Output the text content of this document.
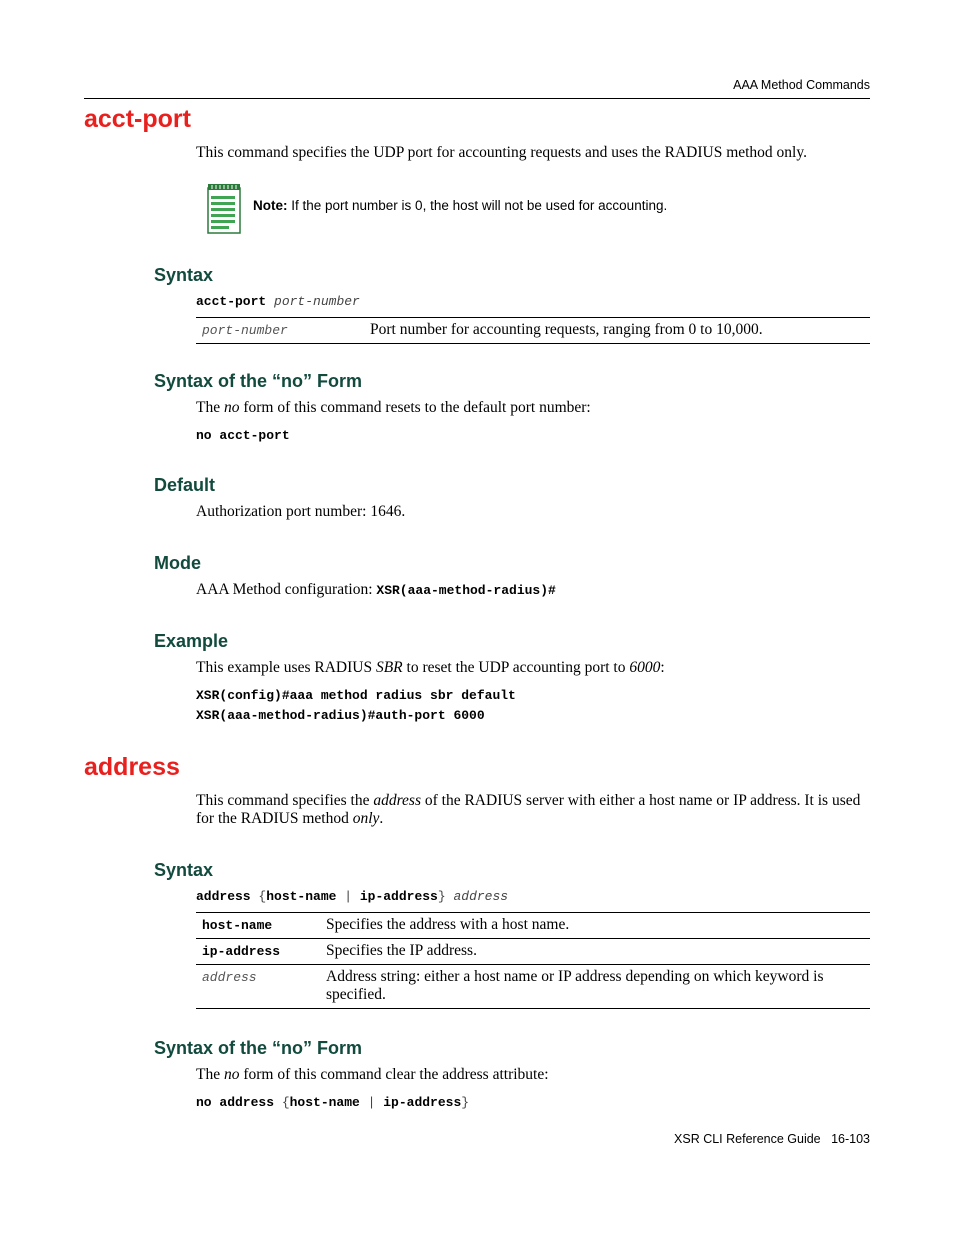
AAA Method Commands
acct-port
This command specifies the UDP port for accounting requests and uses the RADIUS method only.
Note: If the port number is 0, the host will not be used for accounting.
Syntax
acct-port port-number
port-number	Port number for accounting requests, ranging from 0 to 10,000.
Syntax of the “no” Form
The no form of this command resets to the default port number:
no acct-port
Default
Authorization port number: 1646.
Mode
AAA Method configuration: XSR(aaa-method-radius)#
Example
This example uses RADIUS SBR to reset the UDP accounting port to 6000:
XSR(config)#aaa method radius sbr default
XSR(aaa-method-radius)#auth-port 6000
address
This command specifies the address of the RADIUS server with either a host name or IP address. It is used for the RADIUS method only.
Syntax
address {host-name | ip-address} address
host-name	Specifies the address with a host name.
ip-address	Specifies the IP address.
address	Address string: either a host name or IP address depending on which keyword is specified.
Syntax of the “no” Form
The no form of this command clear the address attribute:
no address {host-name | ip-address}
XSR CLI Reference Guide 16-103
